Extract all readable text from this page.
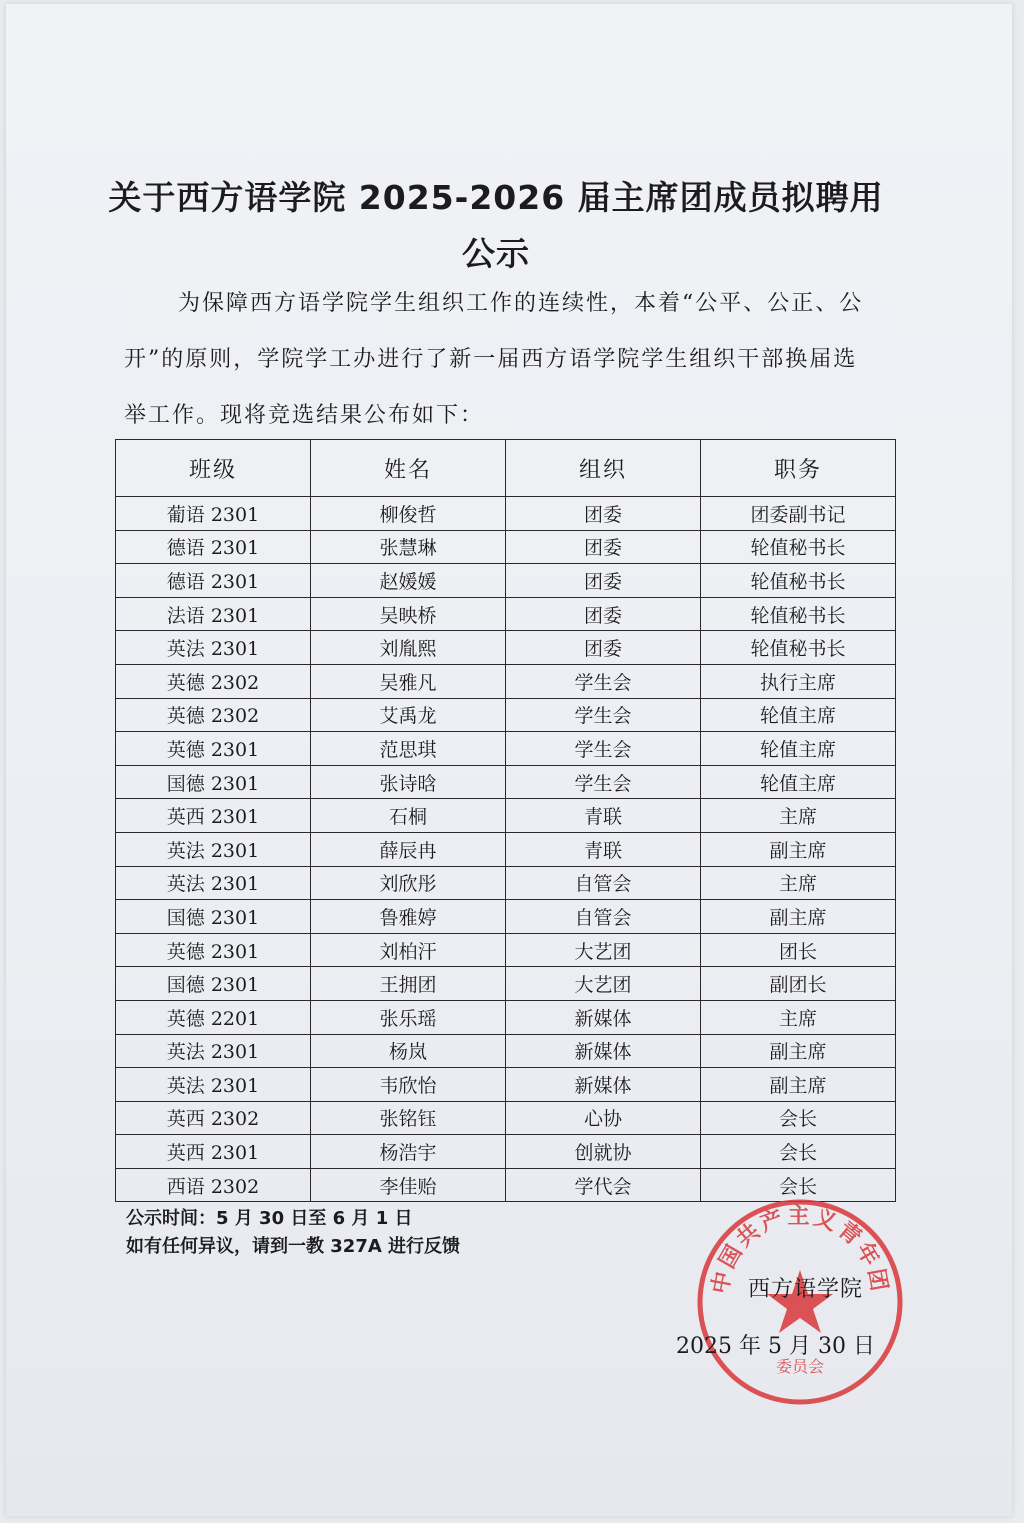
关于西方语学院 2025-2026 届主席团成员拟聘用
公示

为保障西方语学院学生组织工作的连续性，本着“公平、公正、公开”的原则，学院学工办进行了新一届西方语学院学生组织干部换届选举工作。现将竞选结果公布如下：

班级	姓名	组织	职务
葡语 2301	柳俊哲	团委	团委副书记
德语 2301	张慧琳	团委	轮值秘书长
德语 2301	赵媛媛	团委	轮值秘书长
法语 2301	吴映桥	团委	轮值秘书长
英法 2301	刘胤熙	团委	轮值秘书长
英德 2302	吴雅凡	学生会	执行主席
英德 2302	艾禹龙	学生会	轮值主席
英德 2301	范思琪	学生会	轮值主席
国德 2301	张诗晗	学生会	轮值主席
英西 2301	石桐	青联	主席
英法 2301	薛辰冉	青联	副主席
英法 2301	刘欣彤	自管会	主席
国德 2301	鲁雅婷	自管会	副主席
英德 2301	刘柏汗	大艺团	团长
国德 2301	王拥团	大艺团	副团长
英德 2201	张乐瑶	新媒体	主席
英法 2301	杨岚	新媒体	副主席
英法 2301	韦欣怡	新媒体	副主席
英西 2302	张铭钰	心协	会长
英西 2301	杨浩宇	创就协	会长
西语 2302	李佳贻	学代会	会长

公示时间：5 月 30 日至 6 月 1 日

如有任何异议，请到一教 327A 进行反馈

中国共产主义青年团
委员会

西方语学院

2025 年 5 月 30 日
